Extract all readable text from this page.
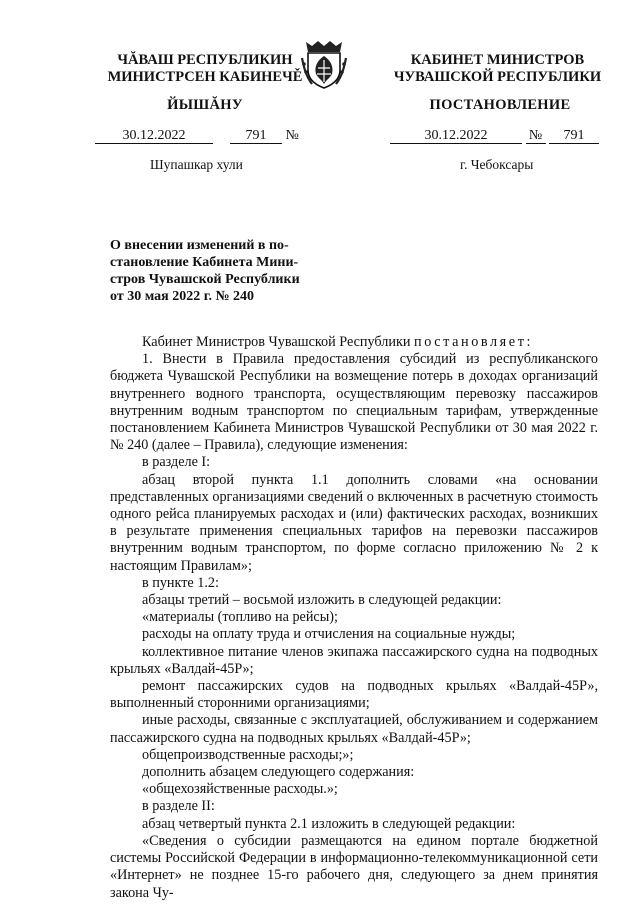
ЧĂВАШ РЕСПУБЛИКИН
МИНИСТРСЕН КАБИНЕЧĚ
ЙЫШĂНУ
КАБИНЕТ МИНИСТРОВ
ЧУВАШСКОЙ РЕСПУБЛИКИ
ПОСТАНОВЛЕНИЕ
30.12.2022	791 №	30.12.2022	№ 791
Шупашкар хули	г. Чебоксары
О внесении изменений в по-
становление Кабинета Мини-
стров Чувашской Республики
от 30 мая 2022 г. № 240

Кабинет Министров Чувашской Республики постановляет:

1. Внести в Правила предоставления субсидий из республиканского бюджета Чувашской Республики на возмещение потерь в доходах организаций внутреннего водного транспорта, осуществляющим перевозку пассажиров внутренним водным транспортом по специальным тарифам, утвержденные постановлением Кабинета Министров Чувашской Республики от 30 мая 2022 г. № 240 (далее – Правила), следующие изменения:

в разделе I:

абзац второй пункта 1.1 дополнить словами «на основании представленных организациями сведений о включенных в расчетную стоимость одного рейса планируемых расходах и (или) фактических расходах, возникших в результате применения специальных тарифов на перевозки пассажиров внутренним водным транспортом, по форме согласно приложению № 2 к настоящим Правилам»;

в пункте 1.2:

абзацы третий – восьмой изложить в следующей редакции:

«материалы (топливо на рейсы);

расходы на оплату труда и отчисления на социальные нужды;

коллективное питание членов экипажа пассажирского судна на подводных крыльях «Валдай-45Р»;

ремонт пассажирских судов на подводных крыльях «Валдай-45Р», выполненный сторонними организациями;

иные расходы, связанные с эксплуатацией, обслуживанием и содержанием пассажирского судна на подводных крыльях «Валдай-45Р»;

общепроизводственные расходы;»;

дополнить абзацем следующего содержания:

«общехозяйственные расходы.»;

в разделе II:

абзац четвертый пункта 2.1 изложить в следующей редакции:

«Сведения о субсидии размещаются на едином портале бюджетной системы Российской Федерации в информационно-телекоммуникационной сети «Интернет» не позднее 15-го рабочего дня, следующего за днем принятия закона Чу-
